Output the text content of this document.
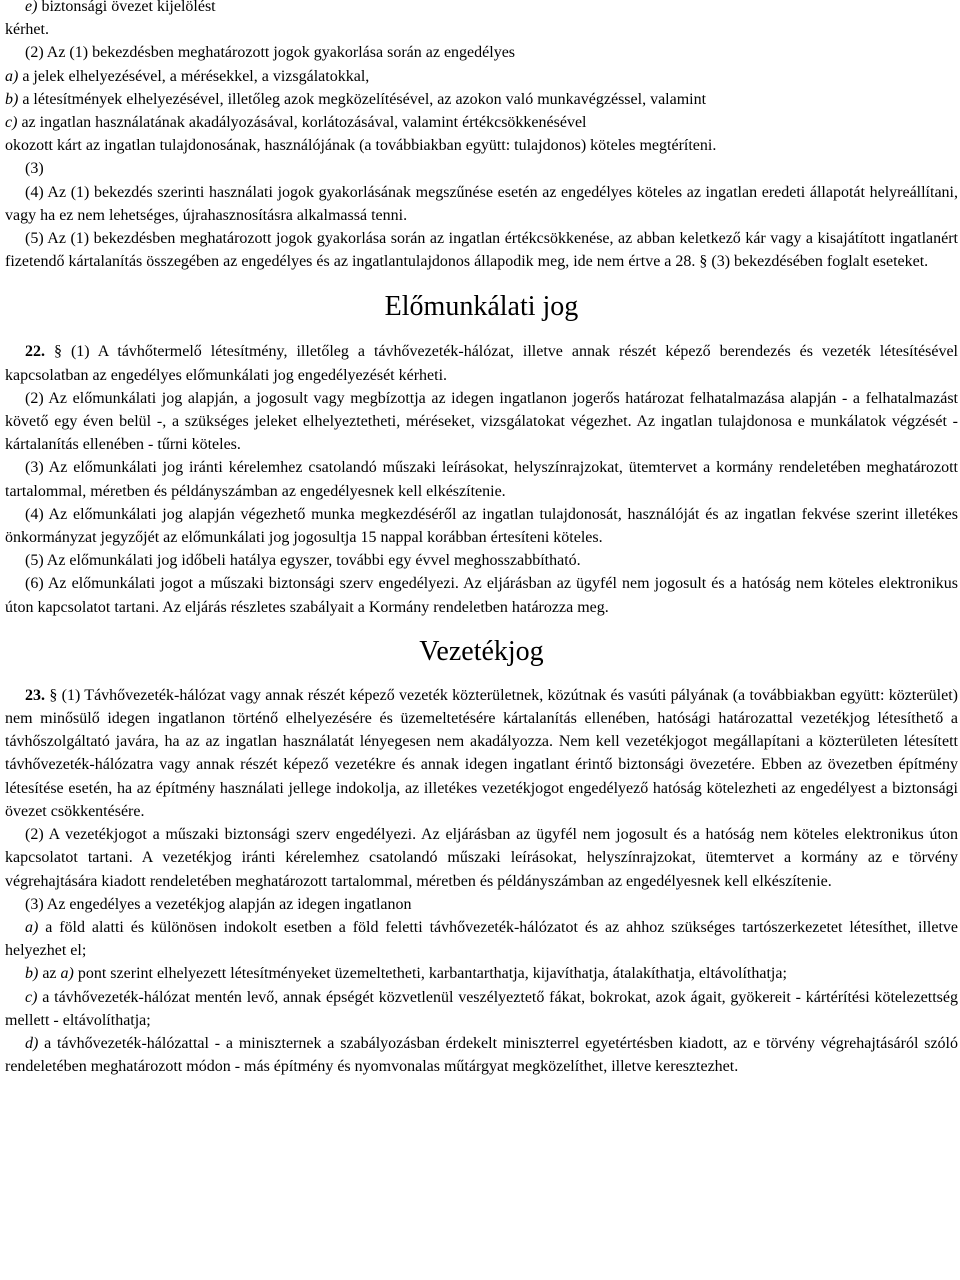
e) biztonsági övezet kijelölést

kérhet.

(2) Az (1) bekezdésben meghatározott jogok gyakorlása során az engedélyes

a) a jelek elhelyezésével, a mérésekkel, a vizsgálatokkal,

b) a létesítmények elhelyezésével, illetőleg azok megközelítésével, az azokon való munkavégzéssel, valamint

c) az ingatlan használatának akadályozásával, korlátozásával, valamint értékcsökkenésével

okozott kárt az ingatlan tulajdonosának, használójának (a továbbiakban együtt: tulajdonos) köteles megtéríteni.

(3)

(4) Az (1) bekezdés szerinti használati jogok gyakorlásának megszűnése esetén az engedélyes köteles az ingatlan eredeti állapotát helyreállítani, vagy ha ez nem lehetséges, újrahasznosításra alkalmassá tenni.

(5) Az (1) bekezdésben meghatározott jogok gyakorlása során az ingatlan értékcsökkenése, az abban keletkező kár vagy a kisajátított ingatlanért fizetendő kártalanítás összegében az engedélyes és az ingatlantulajdonos állapodik meg, ide nem értve a 28. § (3) bekezdésében foglalt eseteket.

Előmunkálati jog

22. § (1) A távhőtermelő létesítmény, illetőleg a távhővezeték-hálózat, illetve annak részét képező berendezés és vezeték létesítésével kapcsolatban az engedélyes előmunkálati jog engedélyezését kérheti.

(2) Az előmunkálati jog alapján, a jogosult vagy megbízottja az idegen ingatlanon jogerős határozat felhatalmazása alapján - a felhatalmazást követő egy éven belül -, a szükséges jeleket elhelyeztetheti, méréseket, vizsgálatokat végezhet. Az ingatlan tulajdonosa e munkálatok végzését - kártalanítás ellenében - tűrni köteles.

(3) Az előmunkálati jog iránti kérelemhez csatolandó műszaki leírásokat, helyszínrajzokat, ütemtervet a kormány rendeletében meghatározott tartalommal, méretben és példányszámban az engedélyesnek kell elkészítenie.

(4) Az előmunkálati jog alapján végezhető munka megkezdéséről az ingatlan tulajdonosát, használóját és az ingatlan fekvése szerint illetékes önkormányzat jegyzőjét az előmunkálati jog jogosultja 15 nappal korábban értesíteni köteles.

(5) Az előmunkálati jog időbeli hatálya egyszer, további egy évvel meghosszabbítható.

(6) Az előmunkálati jogot a műszaki biztonsági szerv engedélyezi. Az eljárásban az ügyfél nem jogosult és a hatóság nem köteles elektronikus úton kapcsolatot tartani. Az eljárás részletes szabályait a Kormány rendeletben határozza meg.

Vezetékjog

23. § (1) Távhővezeték-hálózat vagy annak részét képező vezeték közterületnek, közútnak és vasúti pályának (a továbbiakban együtt: közterület) nem minősülő idegen ingatlanon történő elhelyezésére és üzemeltetésére kártalanítás ellenében, hatósági határozattal vezetékjog létesíthető a távhőszolgáltató javára, ha az az ingatlan használatát lényegesen nem akadályozza. Nem kell vezetékjogot megállapítani a közterületen létesített távhővezeték-hálózatra vagy annak részét képező vezetékre és annak idegen ingatlant érintő biztonsági övezetére. Ebben az övezetben építmény létesítése esetén, ha az építmény használati jellege indokolja, az illetékes vezetékjogot engedélyező hatóság kötelezheti az engedélyest a biztonsági övezet csökkentésére.

(2) A vezetékjogot a műszaki biztonsági szerv engedélyezi. Az eljárásban az ügyfél nem jogosult és a hatóság nem köteles elektronikus úton kapcsolatot tartani. A vezetékjog iránti kérelemhez csatolandó műszaki leírásokat, helyszínrajzokat, ütemtervet a kormány az e törvény végrehajtására kiadott rendeletében meghatározott tartalommal, méretben és példányszámban az engedélyesnek kell elkészítenie.

(3) Az engedélyes a vezetékjog alapján az idegen ingatlanon

a) a föld alatti és különösen indokolt esetben a föld feletti távhővezeték-hálózatot és az ahhoz szükséges tartószerkezetet létesíthet, illetve helyezhet el;

b) az a) pont szerint elhelyezett létesítményeket üzemeltetheti, karbantarthatja, kijavíthatja, átalakíthatja, eltávolíthatja;

c) a távhővezeték-hálózat mentén levő, annak épségét közvetlenül veszélyeztető fákat, bokrokat, azok ágait, gyökereit - kártérítési kötelezettség mellett - eltávolíthatja;

d) a távhővezeték-hálózattal - a miniszternek a szabályozásban érdekelt miniszterrel egyetértésben kiadott, az e törvény végrehajtásáról szóló rendeletében meghatározott módon - más építmény és nyomvonalas műtárgyat megközelíthet, illetve keresztezhet.
